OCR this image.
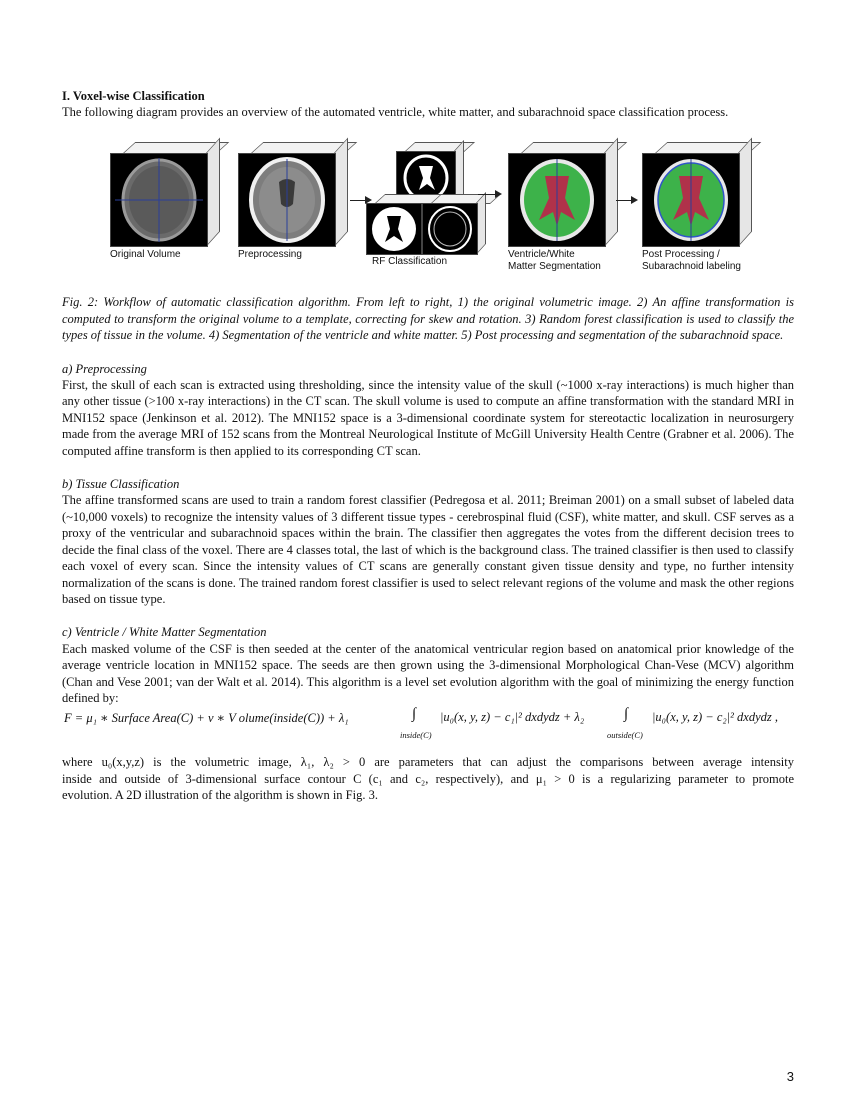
I. Voxel-wise Classification

The following diagram provides an overview of the automated ventricle, white matter, and subarachnoid space classification process.

Original Volume	Preprocessing
RF Classification
Ventricle/White
Matter Segmentation
Post Processing /
Subarachnoid labeling

Fig. 2: Workflow of automatic classification algorithm. From left to right, 1) the original volumetric image. 2) An affine transformation is computed to transform the original volume to a template, correcting for skew and rotation. 3) Random forest classification is used to classify the types of tissue in the volume. 4) Segmentation of the ventricle and white matter. 5) Post processing and segmentation of the subarachnoid space.

a) Preprocessing

First, the skull of each scan is extracted using thresholding, since the intensity value of the skull (~1000 x-ray interactions) is much higher than any other tissue (>100 x-ray interactions) in the CT scan. The skull volume is used to compute an affine transformation with the standard MRI in MNI152 space (Jenkinson et al. 2012). The MNI152 space is a 3-dimensional coordinate system for stereotactic localization in neurosurgery made from the average MRI of 152 scans from the Montreal Neurological Institute of McGill University Health Centre (Grabner et al. 2006). The computed affine transform is then applied to its corresponding CT scan.

b) Tissue Classification

The affine transformed scans are used to train a random forest classifier (Pedregosa et al. 2011; Breiman 2001) on a small subset of labeled data (~10,000 voxels) to recognize the intensity values of 3 different tissue types - cerebrospinal fluid (CSF), white matter, and skull. CSF serves as a proxy of the ventricular and subarachnoid spaces within the brain. The classifier then aggregates the votes from the different decision trees to decide the final class of the voxel. There are 4 classes total, the last of which is the background class. The trained classifier is then used to classify each voxel of every scan. Since the intensity values of CT scans are generally constant given tissue density and type, no further intensity normalization of the scans is done. The trained random forest classifier is used to select relevant regions of the volume and mask the other regions based on tissue type.

c) Ventricle / White Matter Segmentation

Each masked volume of the CSF is then seeded at the center of the anatomical ventricular region based on anatomical prior knowledge of the average ventricle location in MNI152 space. The seeds are then grown using the 3-dimensional Morphological Chan-Vese (MCV) algorithm (Chan and Vese 2001; van der Walt et al. 2014). This algorithm is a level set evolution algorithm with the goal of minimizing the energy function defined by:

F = μ₁ ∗ Surface Area(C) + ν ∗ V olume(inside(C)) + λ₁	∫ |u₀(x, y, z) − c₁|² dxdydz + λ₂
inside(C)
∫ |u₀(x, y, z) − c₂|² dxdydz ,
outside(C)

where u₀(x,y,z) is the volumetric image, λ₁, λ₂ > 0 are parameters that can adjust the comparisons between average intensity

inside and outside of 3-dimensional surface contour C (c₁ and c₂, respectively), and μ₁ > 0 is a regularizing parameter to promote

evolution. A 2D illustration of the algorithm is shown in Fig. 3.

3
